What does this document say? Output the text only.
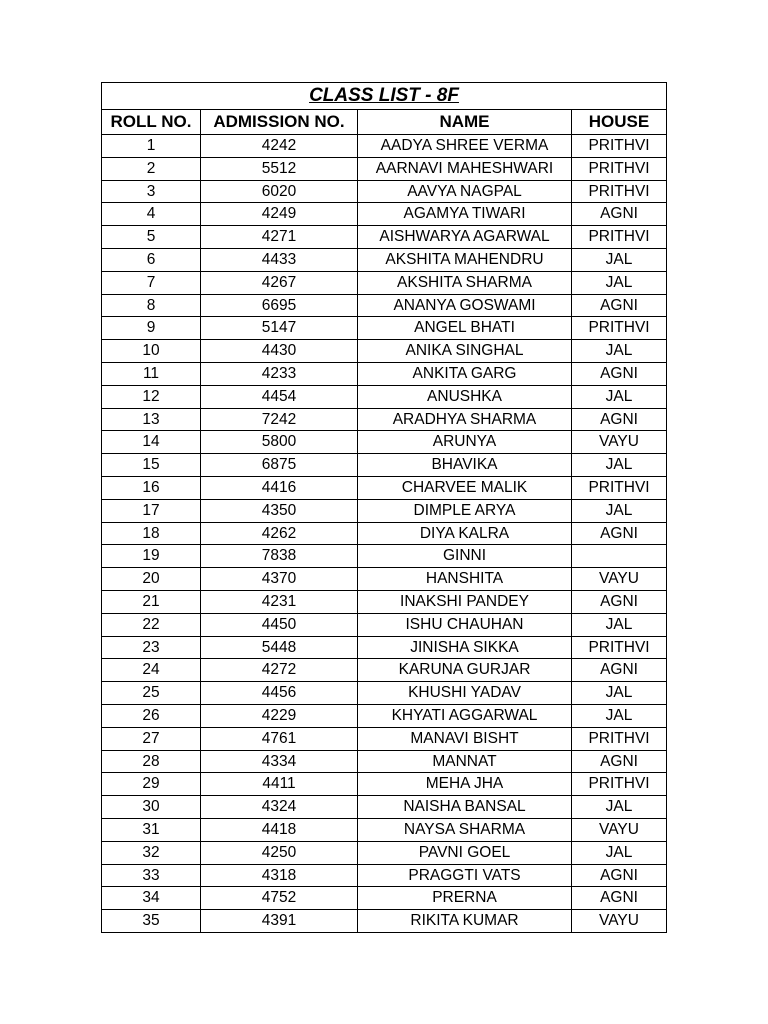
CLASS LIST - 8F			
ROLL NO.	ADMISSION NO.	NAME	HOUSE
1	4242	AADYA SHREE VERMA	PRITHVI
2	5512	AARNAVI MAHESHWARI	PRITHVI
3	6020	AAVYA NAGPAL	PRITHVI
4	4249	AGAMYA TIWARI	AGNI
5	4271	AISHWARYA AGARWAL	PRITHVI
6	4433	AKSHITA MAHENDRU	JAL
7	4267	AKSHITA SHARMA	JAL
8	6695	ANANYA GOSWAMI	AGNI
9	5147	ANGEL BHATI	PRITHVI
10	4430	ANIKA SINGHAL	JAL
11	4233	ANKITA GARG	AGNI
12	4454	ANUSHKA	JAL
13	7242	ARADHYA SHARMA	AGNI
14	5800	ARUNYA	VAYU
15	6875	BHAVIKA	JAL
16	4416	CHARVEE MALIK	PRITHVI
17	4350	DIMPLE ARYA	JAL
18	4262	DIYA KALRA	AGNI
19	7838	GINNI	
20	4370	HANSHITA	VAYU
21	4231	INAKSHI PANDEY	AGNI
22	4450	ISHU CHAUHAN	JAL
23	5448	JINISHA SIKKA	PRITHVI
24	4272	KARUNA GURJAR	AGNI
25	4456	KHUSHI YADAV	JAL
26	4229	KHYATI AGGARWAL	JAL
27	4761	MANAVI BISHT	PRITHVI
28	4334	MANNAT	AGNI
29	4411	MEHA JHA	PRITHVI
30	4324	NAISHA BANSAL	JAL
31	4418	NAYSA SHARMA	VAYU
32	4250	PAVNI GOEL	JAL
33	4318	PRAGGTI VATS	AGNI
34	4752	PRERNA	AGNI
35	4391	RIKITA KUMAR	VAYU
